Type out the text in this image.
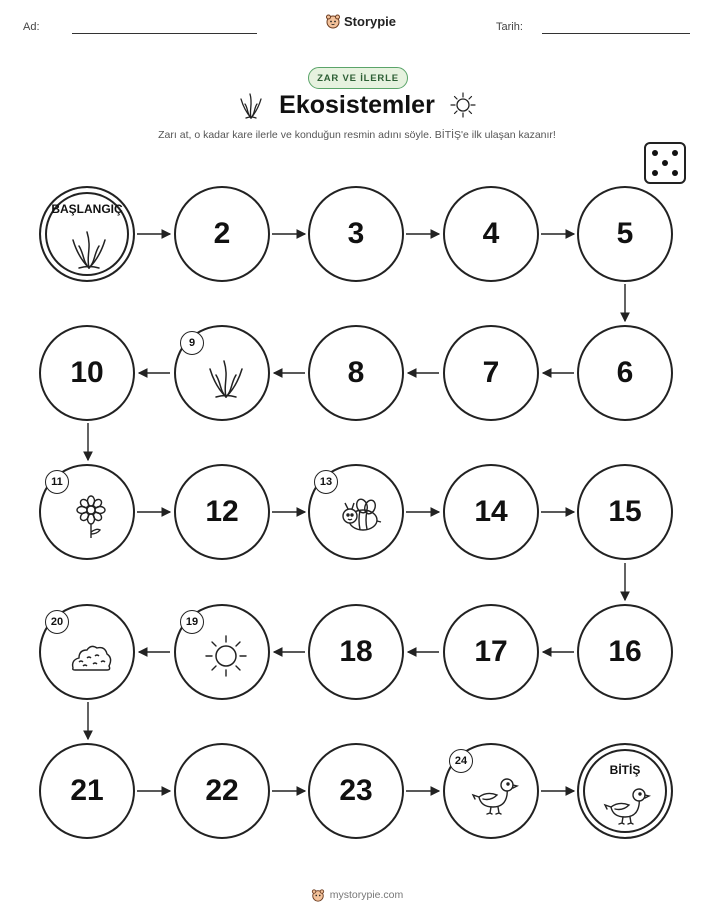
Ad:	Storypie	Tarih:
ZAR VE İLERLE
Ekosistemler
Zarı at, o kadar kare ilerle ve konduğun resmin adını söyle. BİTİŞ'e ilk ulaşan kazanır!
BAŞLANGIÇ
2	3	4	5
10
9
8	7	6
11
12
13
14	15
20	19
18	17	16
21	22	23
24
BİTİŞ
mystorypie.com
